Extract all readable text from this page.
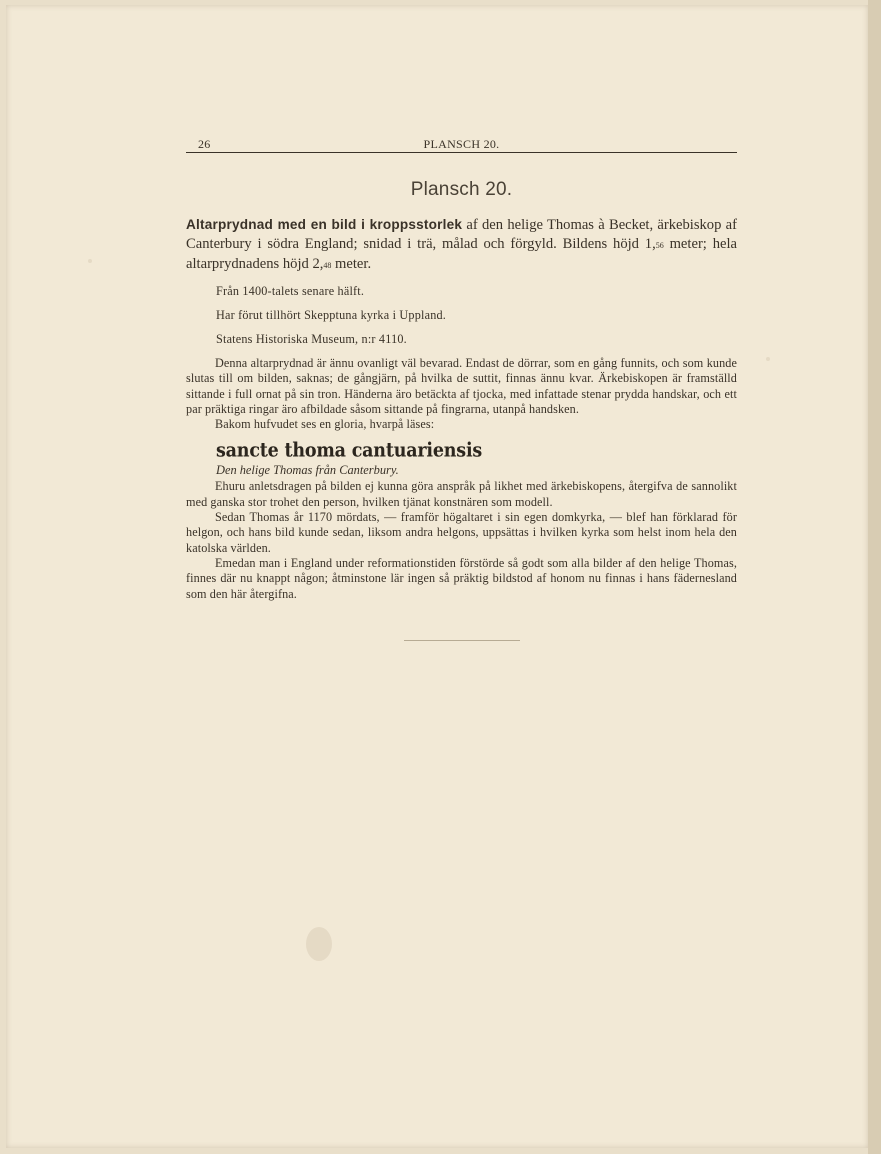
26	PLANSCH 20.
Plansch 20.

Altarprydnad med en bild i kroppsstorlek af den helige Thomas à Becket, ärkebiskop af Canterbury i södra England; snidad i trä, målad och förgyld. Bildens höjd 1,56 meter; hela altarprydnadens höjd 2,48 meter.

Från 1400-talets senare hälft.
Har förut tillhört Skepptuna kyrka i Uppland.
Statens Historiska Museum, n:r 4110.

Denna altarprydnad är ännu ovanligt väl bevarad. Endast de dörrar, som en gång funnits, och som kunde slutas till om bilden, saknas; de gångjärn, på hvilka de suttit, finnas ännu kvar. Ärkebiskopen är framställd sittande i full ornat på sin tron. Händerna äro betäckta af tjocka, med infattade stenar prydda handskar, och ett par präktiga ringar äro afbildade såsom sittande på fingrarna, utanpå handsken.

Bakom hufvudet ses en gloria, hvarpå läses:

sancte thoma cantuariensis
Den helige Thomas från Canterbury.

Ehuru anletsdragen på bilden ej kunna göra anspråk på likhet med ärkebiskopens, återgifva de sannolikt med ganska stor trohet den person, hvilken tjänat konstnären som modell.

Sedan Thomas år 1170 mördats, — framför högaltaret i sin egen domkyrka, — blef han förklarad för helgon, och hans bild kunde sedan, liksom andra helgons, uppsättas i hvilken kyrka som helst inom hela den katolska världen.

Emedan man i England under reformationstiden förstörde så godt som alla bilder af den helige Thomas, finnes där nu knappt någon; åtminstone lär ingen så präktig bildstod af honom nu finnas i hans fädernesland som den här återgifna.
